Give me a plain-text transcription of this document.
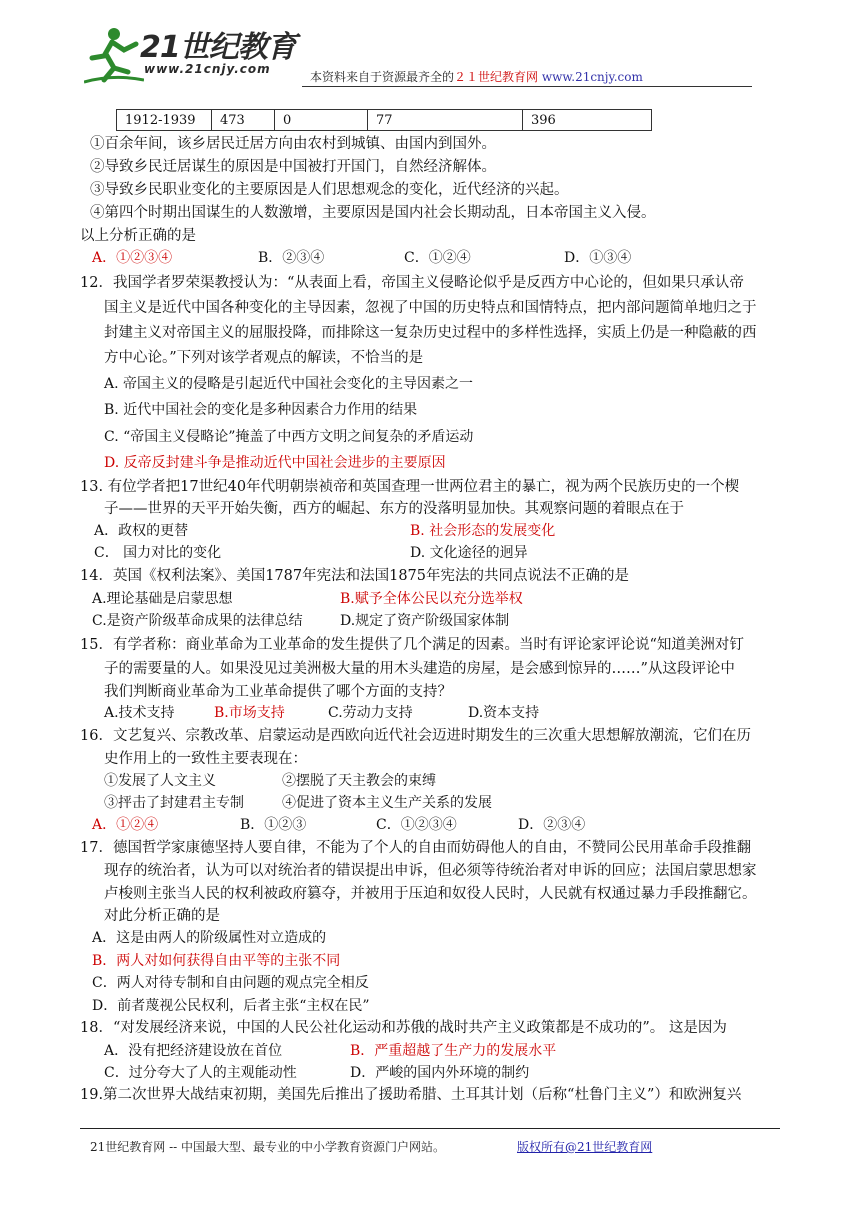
21世纪教育
www.21cnjy.com
本资料来自于资源最齐全的２１世纪教育网 www.21cnjy.com
1912-1939	473	0	77	396
①百余年间，该乡居民迁居方向由农村到城镇、由国内到国外。
②导致乡民迁居谋生的原因是中国被打开国门，自然经济解体。
③导致乡民职业变化的主要原因是人们思想观念的变化，近代经济的兴起。
④第四个时期出国谋生的人数激增，主要原因是国内社会长期动乱，日本帝国主义入侵。
以上分析正确的是
A．①②③④	B．②③④	C．①②④	D．①③④
12．我国学者罗荣渠教授认为：“从表面上看，帝国主义侵略论似乎是反西方中心论的，但如果只承认帝
国主义是近代中国各种变化的主导因素，忽视了中国的历史特点和国情特点，把内部问题简单地归之于
封建主义对帝国主义的屈服投降，而排除这一复杂历史过程中的多样性选择，实质上仍是一种隐蔽的西
方中心论。”下列对该学者观点的解读，不恰当的是
A. 帝国主义的侵略是引起近代中国社会变化的主导因素之一
B. 近代中国社会的变化是多种因素合力作用的结果
C. “帝国主义侵略论”掩盖了中西方文明之间复杂的矛盾运动
D. 反帝反封建斗争是推动近代中国社会进步的主要原因
13. 有位学者把17世纪40年代明朝崇祯帝和英国查理一世两位君主的暴亡，视为两个民族历史的一个楔
子——世界的天平开始失衡，西方的崛起、东方的没落明显加快。其观察问题的着眼点在于
A．政权的更替	B. 社会形态的发展变化
C． 国力对比的变化	D. 文化途径的迥异
14．英国《权利法案》、美国1787年宪法和法国1875年宪法的共同点说法不正确的是
A.理论基础是启蒙思想	B.赋予全体公民以充分选举权
C.是资产阶级革命成果的法律总结	D.规定了资产阶级国家体制
15．有学者称：商业革命为工业革命的发生提供了几个满足的因素。当时有评论家评论说“知道美洲对钉
子的需要量的人。如果没见过美洲极大量的用木头建造的房屋，是会感到惊异的……”从这段评论中
我们判断商业革命为工业革命提供了哪个方面的支持？
A.技术支持	B.市场支持	C.劳动力支持	D.资本支持
16．文艺复兴、宗教改革、启蒙运动是西欧向近代社会迈进时期发生的三次重大思想解放潮流，它们在历
史作用上的一致性主要表现在：
①发展了人文主义	②摆脱了天主教会的束缚
③抨击了封建君主专制	④促进了资本主义生产关系的发展
A．①②④	B．①②③	C．①②③④	D．②③④
17．德国哲学家康德坚持人要自律，不能为了个人的自由而妨碍他人的自由，不赞同公民用革命手段推翻
现存的统治者，认为可以对统治者的错误提出申诉，但必须等待统治者对申诉的回应；法国启蒙思想家
卢梭则主张当人民的权利被政府篡夺，并被用于压迫和奴役人民时，人民就有权通过暴力手段推翻它。
对此分析正确的是
A．这是由两人的阶级属性对立造成的
B．两人对如何获得自由平等的主张不同
C．两人对待专制和自由问题的观点完全相反
D．前者蔑视公民权利，后者主张“主权在民”
18．“对发展经济来说，中国的人民公社化运动和苏俄的战时共产主义政策都是不成功的”。 这是因为
A．没有把经济建设放在首位	B．严重超越了生产力的发展水平
C．过分夸大了人的主观能动性	D．严峻的国内外环境的制约
19.第二次世界大战结束初期，美国先后推出了援助希腊、土耳其计划（后称“杜鲁门主义”）和欧洲复兴
21世纪教育网 -- 中国最大型、最专业的中小学教育资源门户网站。	版权所有@21世纪教育网
